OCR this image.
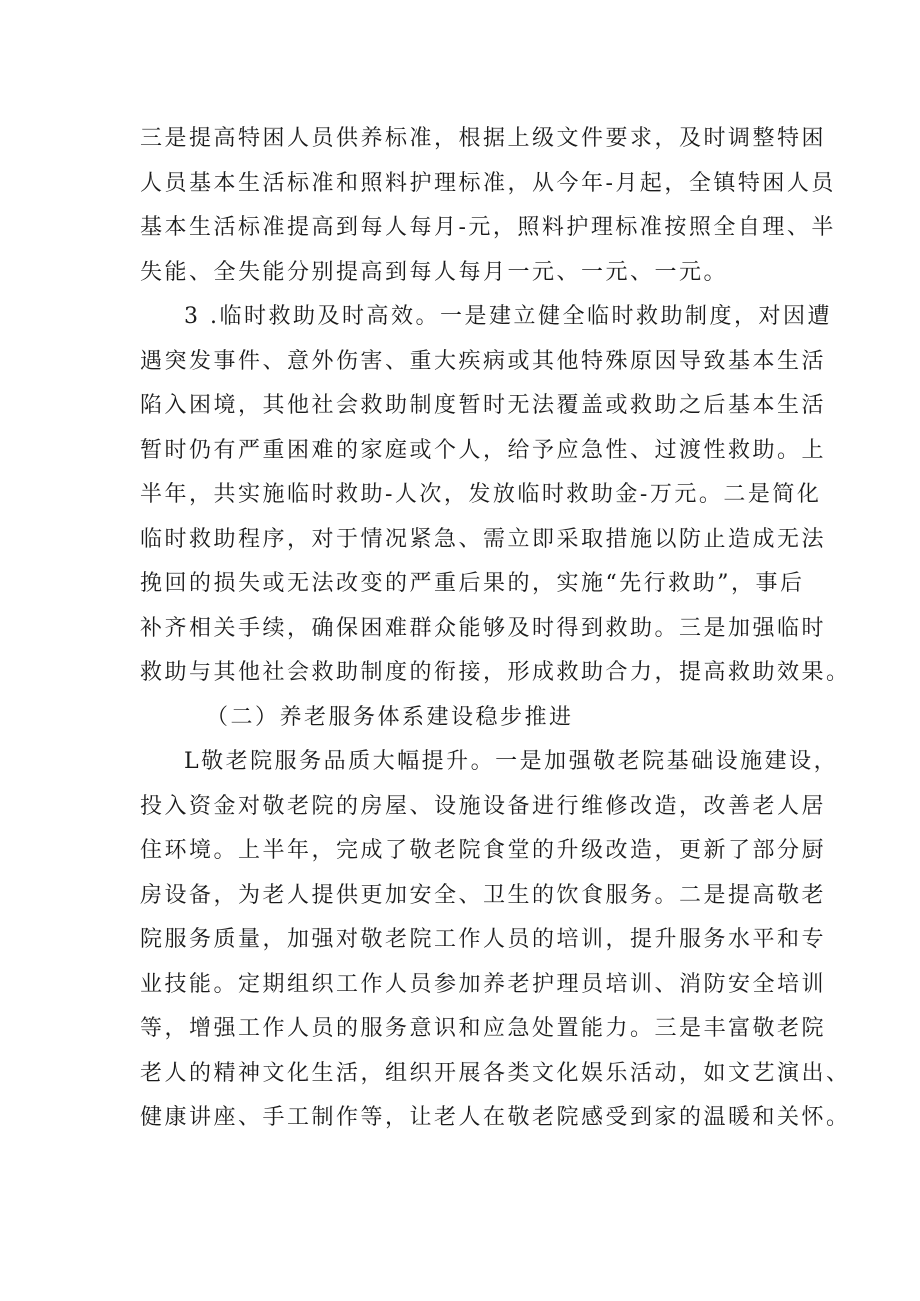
三是提高特困人员供养标准，根据上级文件要求，及时调整特困
人员基本生活标准和照料护理标准，从今年-月起，全镇特困人员
基本生活标准提高到每人每月-元，照料护理标准按照全自理、半
失能、全失能分别提高到每人每月一元、一元、一元。
3 .临时救助及时高效。一是建立健全临时救助制度，对因遭
遇突发事件、意外伤害、重大疾病或其他特殊原因导致基本生活
陷入困境，其他社会救助制度暂时无法覆盖或救助之后基本生活
暂时仍有严重困难的家庭或个人，给予应急性、过渡性救助。上
半年，共实施临时救助-人次，发放临时救助金-万元。二是简化
临时救助程序，对于情况紧急、需立即采取措施以防止造成无法
挽回的损失或无法改变的严重后果的，实施“先行救助”，事后
补齐相关手续，确保困难群众能够及时得到救助。三是加强临时
救助与其他社会救助制度的衔接，形成救助合力，提高救助效果。
（二）养老服务体系建设稳步推进
L敬老院服务品质大幅提升。一是加强敬老院基础设施建设，
投入资金对敬老院的房屋、设施设备进行维修改造，改善老人居
住环境。上半年，完成了敬老院食堂的升级改造，更新了部分厨
房设备，为老人提供更加安全、卫生的饮食服务。二是提高敬老
院服务质量，加强对敬老院工作人员的培训，提升服务水平和专
业技能。定期组织工作人员参加养老护理员培训、消防安全培训
等，增强工作人员的服务意识和应急处置能力。三是丰富敬老院
老人的精神文化生活，组织开展各类文化娱乐活动，如文艺演出、
健康讲座、手工制作等，让老人在敬老院感受到家的温暖和关怀。
